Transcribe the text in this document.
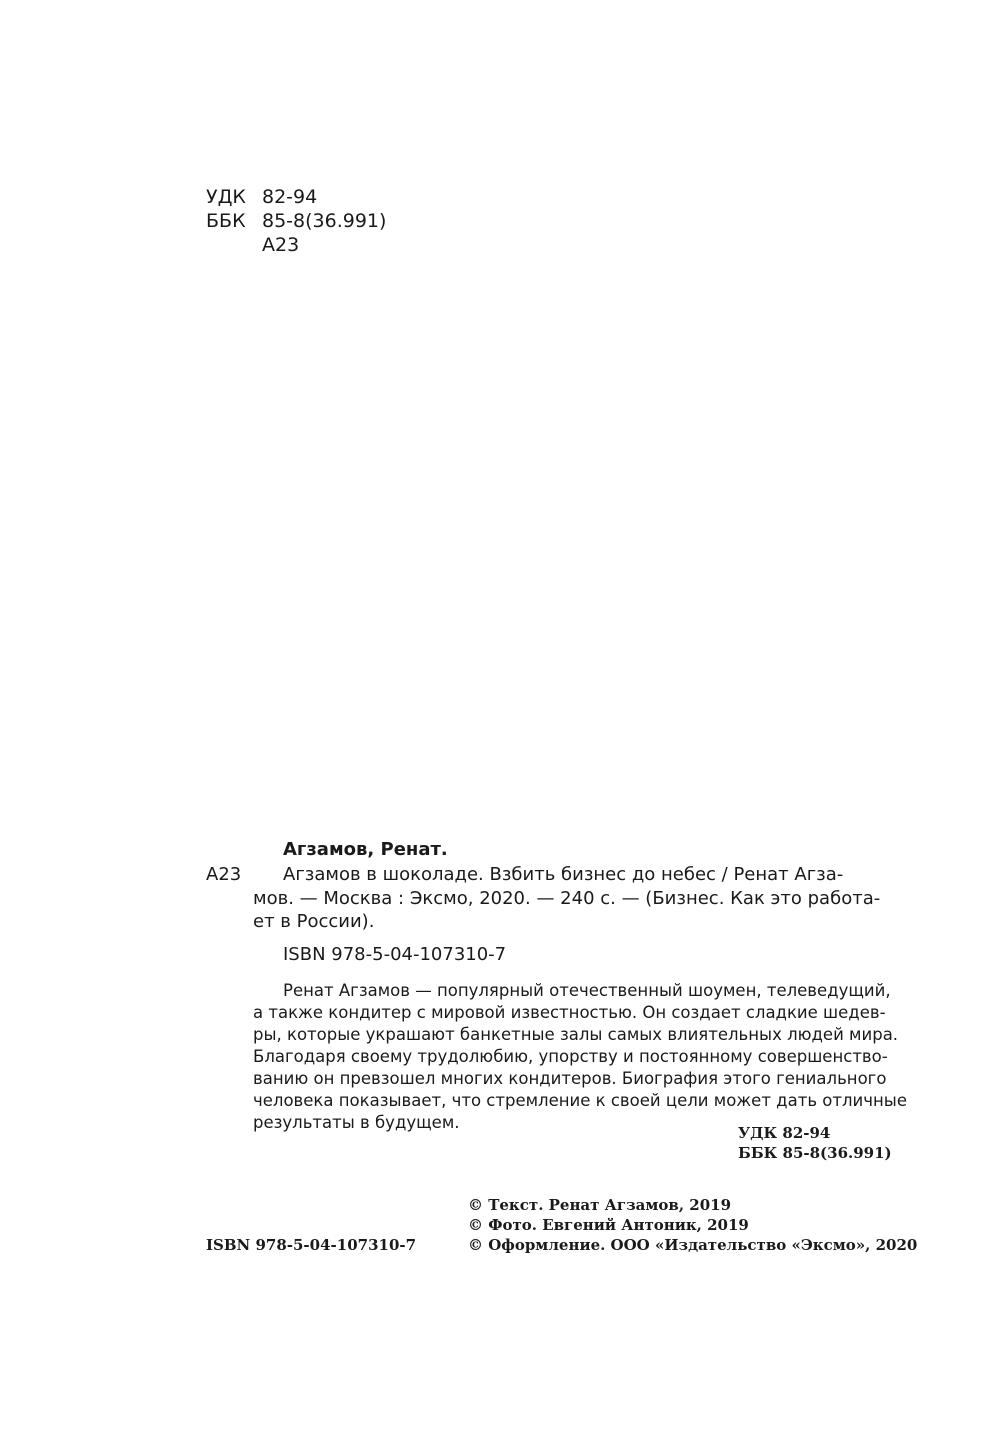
УДК 82-94
ББК 85-8(36.991)
А23
Агзамов, Ренат.
А23 Агзамов в шоколаде. Взбить бизнес до небес / Ренат Агза-
мов. — Москва : Эксмо, 2020. — 240 с. — (Бизнес. Как это работа-
ет в России).
ISBN 978-5-04-107310-7
Ренат Агзамов — популярный отечественный шоумен, телеведущий,
а также кондитер с мировой известностью. Он создает сладкие шедев-
ры, которые украшают банкетные залы самых влиятельных людей мира.
Благодаря своему трудолюбию, упорству и постоянному совершенство-
ванию он превзошел многих кондитеров. Биография этого гениального
человека показывает, что стремление к своей цели может дать отличные
результаты в будущем.
УДК 82-94
ББК 85-8(36.991)
© Текст. Ренат Агзамов, 2019
© Фото. Евгений Антоник, 2019
© Оформление. ООО «Издательство «Эксмо», 2020
ISBN 978-5-04-107310-7
